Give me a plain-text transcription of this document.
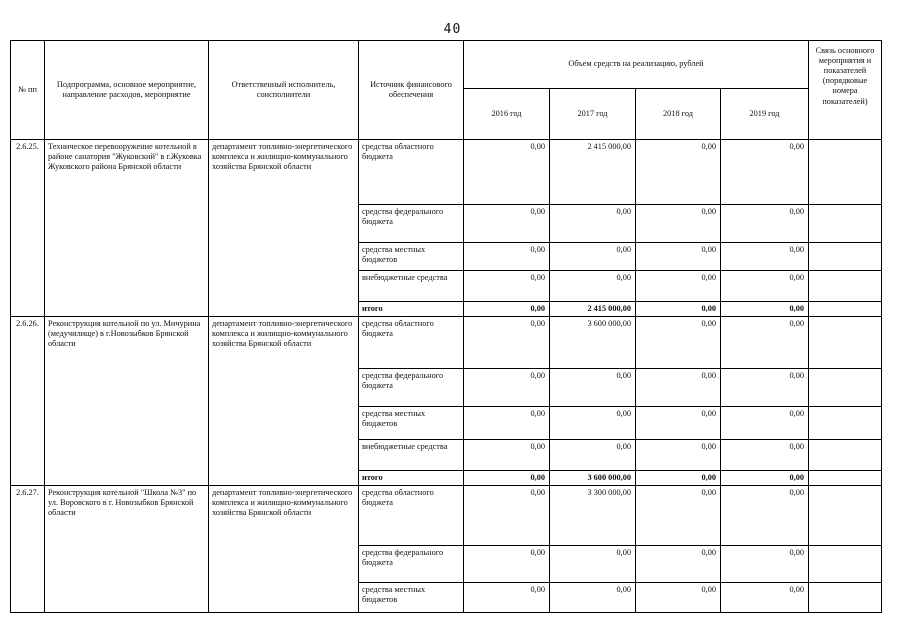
40
№ пп	Подпрограмма, основное мероприятие, направление расходов, мероприятие	Ответственный исполнитель, соисполнители	Источник финансового обеспечения	Объем средств на реализацию, рублей				Связь основного мероприятия и показателей (порядковые номера показателей)
				2016 год	2017 год	2018 год	2019 год	
2.6.25.	Техническое перевооружение котельной в районе санатория "Жуковский" в г.Жуковка Жуковского района Брянской области	департамент топливно-энергетического комплекса и жилищно-коммунального хозяйства Брянской области	средства областного бюджета	0,00	2 415 000,00	0,00	0,00	
			средства федерального бюджета	0,00	0,00	0,00	0,00	
			средства местных бюджетов	0,00	0,00	0,00	0,00	
			внебюджетные средства	0,00	0,00	0,00	0,00	
			итого	0,00	2 415 000,00	0,00	0,00	
2.6.26.	Реконструкция котельной по ул. Мичурина (медучилище) в г.Новозыбков Брянской области	департамент топливно-энергетического комплекса и жилищно-коммунального хозяйства Брянской области	средства областного бюджета	0,00	3 600 000,00	0,00	0,00	
			средства федерального бюджета	0,00	0,00	0,00	0,00	
			средства местных бюджетов	0,00	0,00	0,00	0,00	
			внебюджетные средства	0,00	0,00	0,00	0,00	
			итого	0,00	3 600 000,00	0,00	0,00	
2.6.27.	Реконструкция котельной "Школа №3" по ул. Воровского в г. Новозыбков Брянской области	департамент топливно-энергетического комплекса и жилищно-коммунального хозяйства Брянской области	средства областного бюджета	0,00	3 300 000,00	0,00	0,00	
			средства федерального бюджета	0,00	0,00	0,00	0,00	
			средства местных бюджетов	0,00	0,00	0,00	0,00	
